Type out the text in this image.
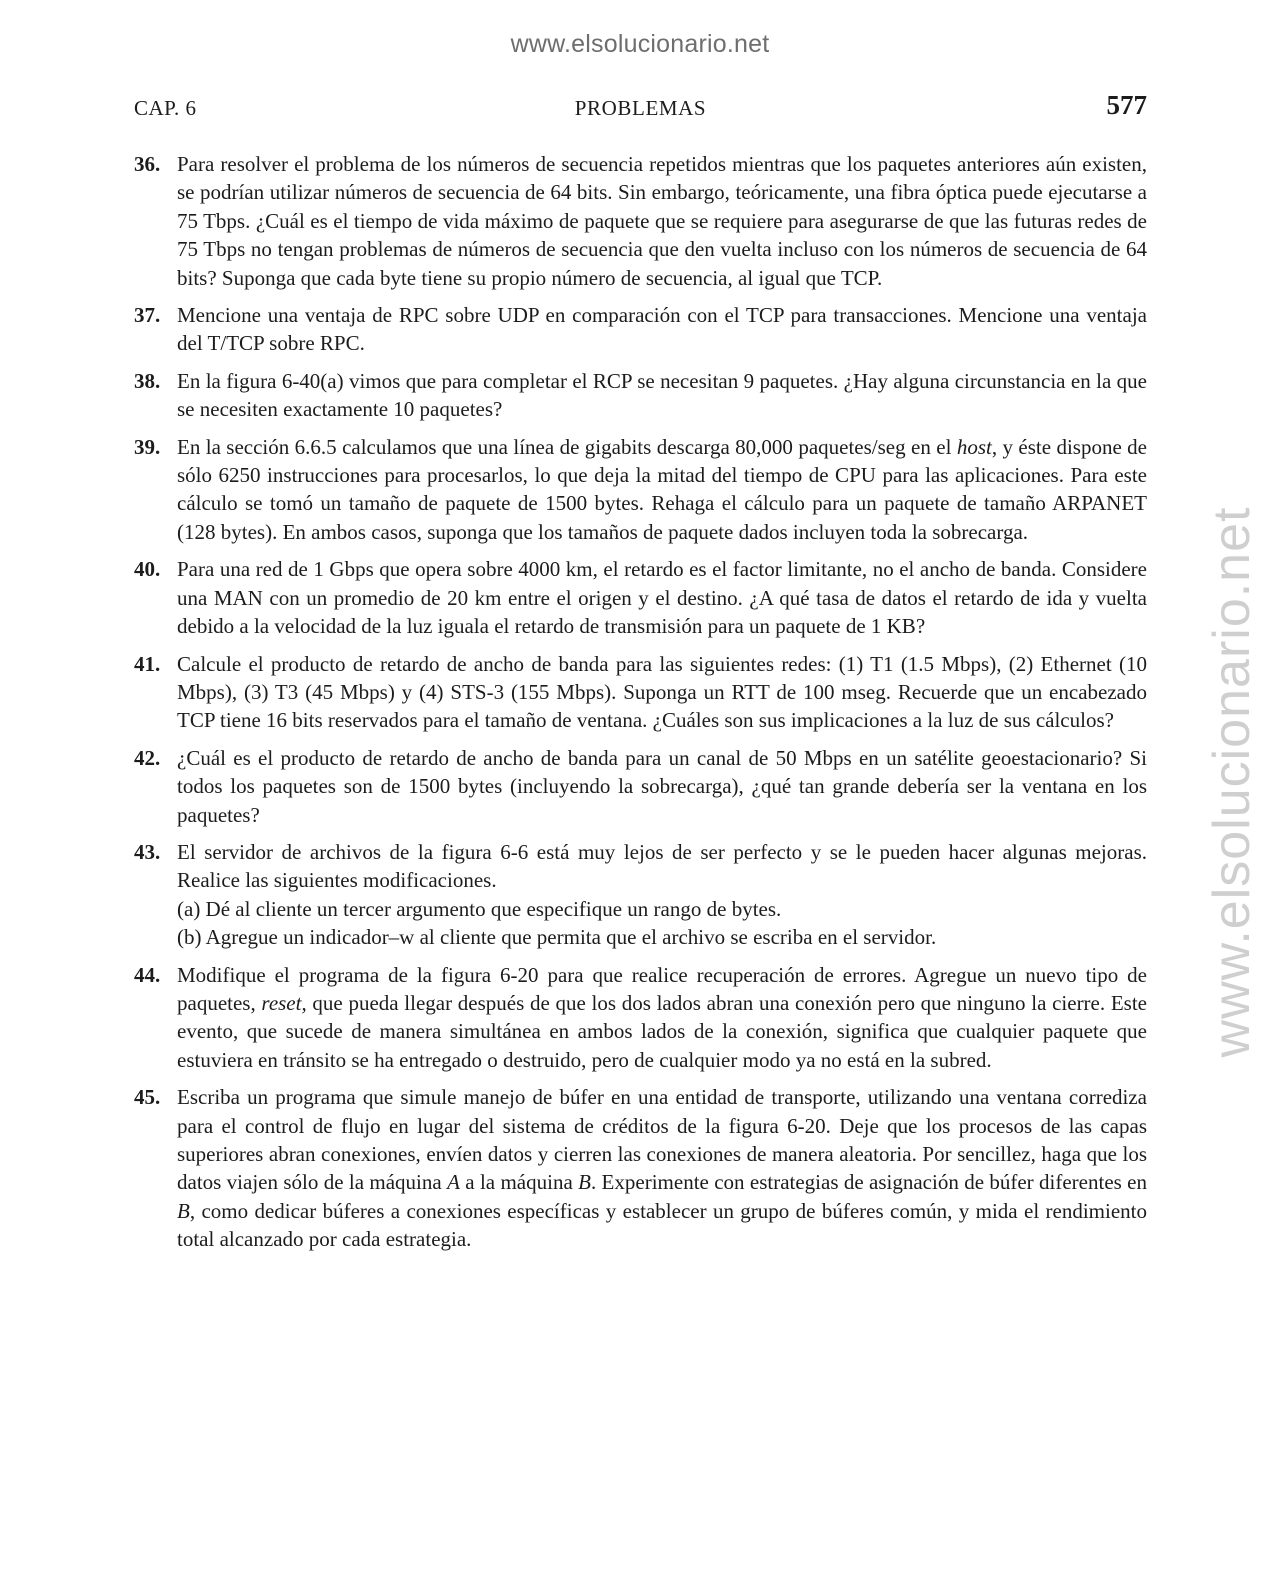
www.elsolucionario.net
www.elsolucionario.net
CAP. 6	PROBLEMAS	577
36. Para resolver el problema de los números de secuencia repetidos mientras que los paquetes anteriores aún existen, se podrían utilizar números de secuencia de 64 bits. Sin embargo, teóricamente, una fibra óptica puede ejecutarse a 75 Tbps. ¿Cuál es el tiempo de vida máximo de paquete que se requiere para asegurarse de que las futuras redes de 75 Tbps no tengan problemas de números de secuencia que den vuelta incluso con los números de secuencia de 64 bits? Suponga que cada byte tiene su propio número de secuencia, al igual que TCP.
37. Mencione una ventaja de RPC sobre UDP en comparación con el TCP para transacciones. Mencione una ventaja del T/TCP sobre RPC.
38. En la figura 6-40(a) vimos que para completar el RCP se necesitan 9 paquetes. ¿Hay alguna circunstancia en la que se necesiten exactamente 10 paquetes?
39. En la sección 6.6.5 calculamos que una línea de gigabits descarga 80,000 paquetes/seg en el host, y éste dispone de sólo 6250 instrucciones para procesarlos, lo que deja la mitad del tiempo de CPU para las aplicaciones. Para este cálculo se tomó un tamaño de paquete de 1500 bytes. Rehaga el cálculo para un paquete de tamaño ARPANET (128 bytes). En ambos casos, suponga que los tamaños de paquete dados incluyen toda la sobrecarga.
40. Para una red de 1 Gbps que opera sobre 4000 km, el retardo es el factor limitante, no el ancho de banda. Considere una MAN con un promedio de 20 km entre el origen y el destino. ¿A qué tasa de datos el retardo de ida y vuelta debido a la velocidad de la luz iguala el retardo de transmisión para un paquete de 1 KB?
41. Calcule el producto de retardo de ancho de banda para las siguientes redes: (1) T1 (1.5 Mbps), (2) Ethernet (10 Mbps), (3) T3 (45 Mbps) y (4) STS-3 (155 Mbps). Suponga un RTT de 100 mseg. Recuerde que un encabezado TCP tiene 16 bits reservados para el tamaño de ventana. ¿Cuáles son sus implicaciones a la luz de sus cálculos?
42. ¿Cuál es el producto de retardo de ancho de banda para un canal de 50 Mbps en un satélite geoestacionario? Si todos los paquetes son de 1500 bytes (incluyendo la sobrecarga), ¿qué tan grande debería ser la ventana en los paquetes?
43. El servidor de archivos de la figura 6-6 está muy lejos de ser perfecto y se le pueden hacer algunas mejoras. Realice las siguientes modificaciones.
(a) Dé al cliente un tercer argumento que especifique un rango de bytes.
(b) Agregue un indicador–w al cliente que permita que el archivo se escriba en el servidor.
44. Modifique el programa de la figura 6-20 para que realice recuperación de errores. Agregue un nuevo tipo de paquetes, reset, que pueda llegar después de que los dos lados abran una conexión pero que ninguno la cierre. Este evento, que sucede de manera simultánea en ambos lados de la conexión, significa que cualquier paquete que estuviera en tránsito se ha entregado o destruido, pero de cualquier modo ya no está en la subred.
45. Escriba un programa que simule manejo de búfer en una entidad de transporte, utilizando una ventana corrediza para el control de flujo en lugar del sistema de créditos de la figura 6-20. Deje que los procesos de las capas superiores abran conexiones, envíen datos y cierren las conexiones de manera aleatoria. Por sencillez, haga que los datos viajen sólo de la máquina A a la máquina B. Experimente con estrategias de asignación de búfer diferentes en B, como dedicar búferes a conexiones específicas y establecer un grupo de búferes común, y mida el rendimiento total alcanzado por cada estrategia.
